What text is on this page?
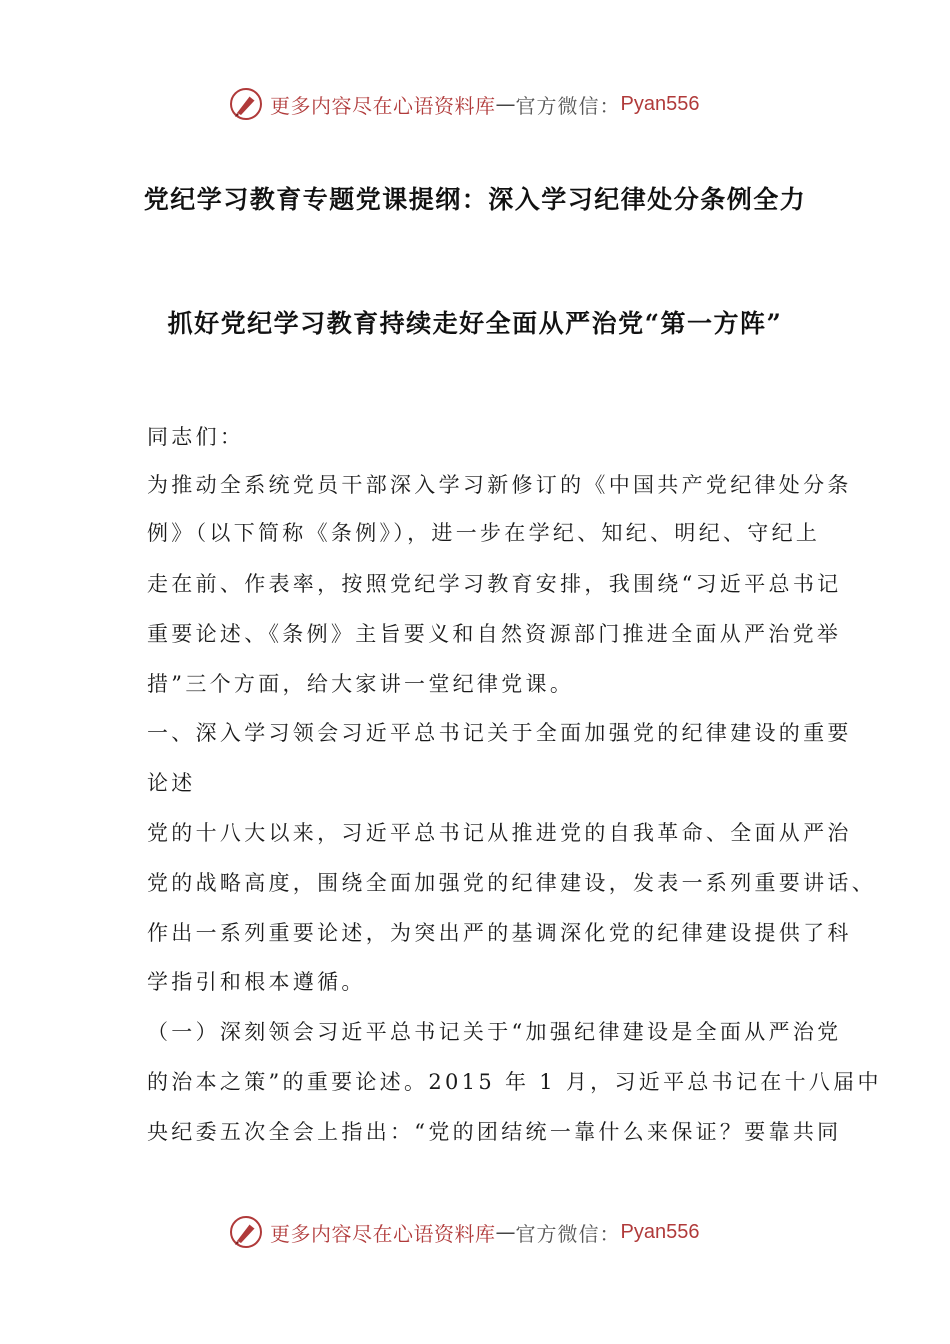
更多内容尽在心语资料库 — 官方微信： Pyan556
党纪学习教育专题党课提纲：深入学习纪律处分条例全力
抓好党纪学习教育持续走好全面从严治党“第一方阵”
同志们：
为推动全系统党员干部深入学习新修订的《中国共产党纪律处分条
例》（以下简称《条例》），进一步在学纪、知纪、明纪、守纪上
走在前、作表率，按照党纪学习教育安排，我围绕“习近平总书记
重要论述、《条例》主旨要义和自然资源部门推进全面从严治党举
措”三个方面，给大家讲一堂纪律党课。
一、深入学习领会习近平总书记关于全面加强党的纪律建设的重要
论述
党的十八大以来，习近平总书记从推进党的自我革命、全面从严治
党的战略高度，围绕全面加强党的纪律建设，发表一系列重要讲话、
作出一系列重要论述，为突出严的基调深化党的纪律建设提供了科
学指引和根本遵循。
（一）深刻领会习近平总书记关于“加强纪律建设是全面从严治党
的治本之策”的重要论述。2015 年 1 月，习近平总书记在十八届中
央纪委五次全会上指出：“党的团结统一靠什么来保证？要靠共同
更多内容尽在心语资料库 — 官方微信： Pyan556
